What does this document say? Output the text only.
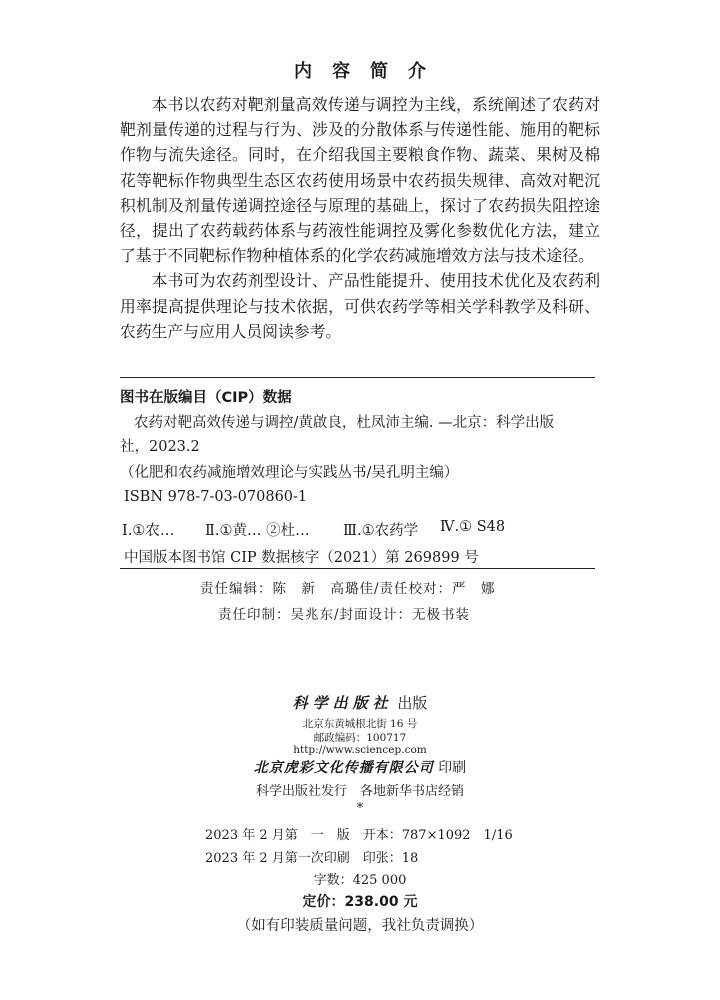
内容简介

本书以农药对靶剂量高效传递与调控为主线，系统阐述了农药对靶剂量传递的过程与行为、涉及的分散体系与传递性能、施用的靶标作物与流失途径。同时，在介绍我国主要粮食作物、蔬菜、果树及棉花等靶标作物典型生态区农药使用场景中农药损失规律、高效对靶沉积机制及剂量传递调控途径与原理的基础上，探讨了农药损失阻控途径，提出了农药载药体系与药液性能调控及雾化参数优化方法，建立了基于不同靶标作物种植体系的化学农药减施增效方法与技术途径。

本书可为农药剂型设计、产品性能提升、使用技术优化及农药利用率提高提供理论与技术依据，可供农药学等相关学科教学及科研、农药生产与应用人员阅读参考。

图书在版编目（CIP）数据
农药对靶高效传递与调控/黄啟良，杜凤沛主编. —北京：科学出版
社，2023.2
（化肥和农药减施增效理论与实践丛书/吴孔明主编）
ISBN 978-7-03-070860-1
Ⅰ.①农… Ⅱ.①黄… ②杜… Ⅲ.①农药学 Ⅳ.① S48
中国版本图书馆 CIP 数据核字（2021）第 269899 号
责任编辑：陈　新　高璐佳/责任校对：严　娜
责任印制：吴兆东/封面设计：无极书装
科学出版社 出版
北京东黄城根北街 16 号
邮政编码：100717
http://www.sciencep.com
北京虎彩文化传播有限公司 印刷
科学出版社发行　各地新华书店经销
*
2023 年 2 月第　一　版　开本：787×1092　1/16
2023 年 2 月第一次印刷　印张：18
字数：425 000
定价：238.00 元
（如有印装质量问题，我社负责调换）
